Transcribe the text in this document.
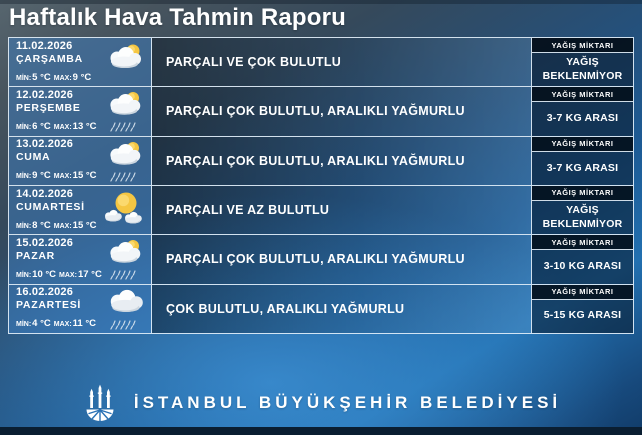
Haftalık Hava Tahmin Raporu
11.02.2026
ÇARŞAMBA
MİN:5 °C MAX:9 °C
PARÇALI VE ÇOK BULUTLU
YAĞIŞ MİKTARI
YAĞIŞ BEKLENMİYOR
12.02.2026
PERŞEMBE
MİN:6 °C MAX:13 °C
PARÇALI ÇOK BULUTLU, ARALIKLI YAĞMURLU
YAĞIŞ MİKTARI
3-7 KG ARASI
13.02.2026
CUMA
MİN:9 °C MAX:15 °C
PARÇALI ÇOK BULUTLU, ARALIKLI YAĞMURLU
YAĞIŞ MİKTARI
3-7 KG ARASI
14.02.2026
CUMARTESİ
MİN:8 °C MAX:15 °C
PARÇALI VE AZ BULUTLU
YAĞIŞ MİKTARI
YAĞIŞ BEKLENMİYOR
15.02.2026
PAZAR
MİN:10 °C MAX:17 °C
PARÇALI ÇOK BULUTLU, ARALIKLI YAĞMURLU
YAĞIŞ MİKTARI
3-10 KG ARASI
16.02.2026
PAZARTESİ
MİN:4 °C MAX:11 °C
ÇOK BULUTLU, ARALIKLI YAĞMURLU
YAĞIŞ MİKTARI
5-15 KG ARASI
İSTANBUL BÜYÜKŞEHİR BELEDİYESİ
